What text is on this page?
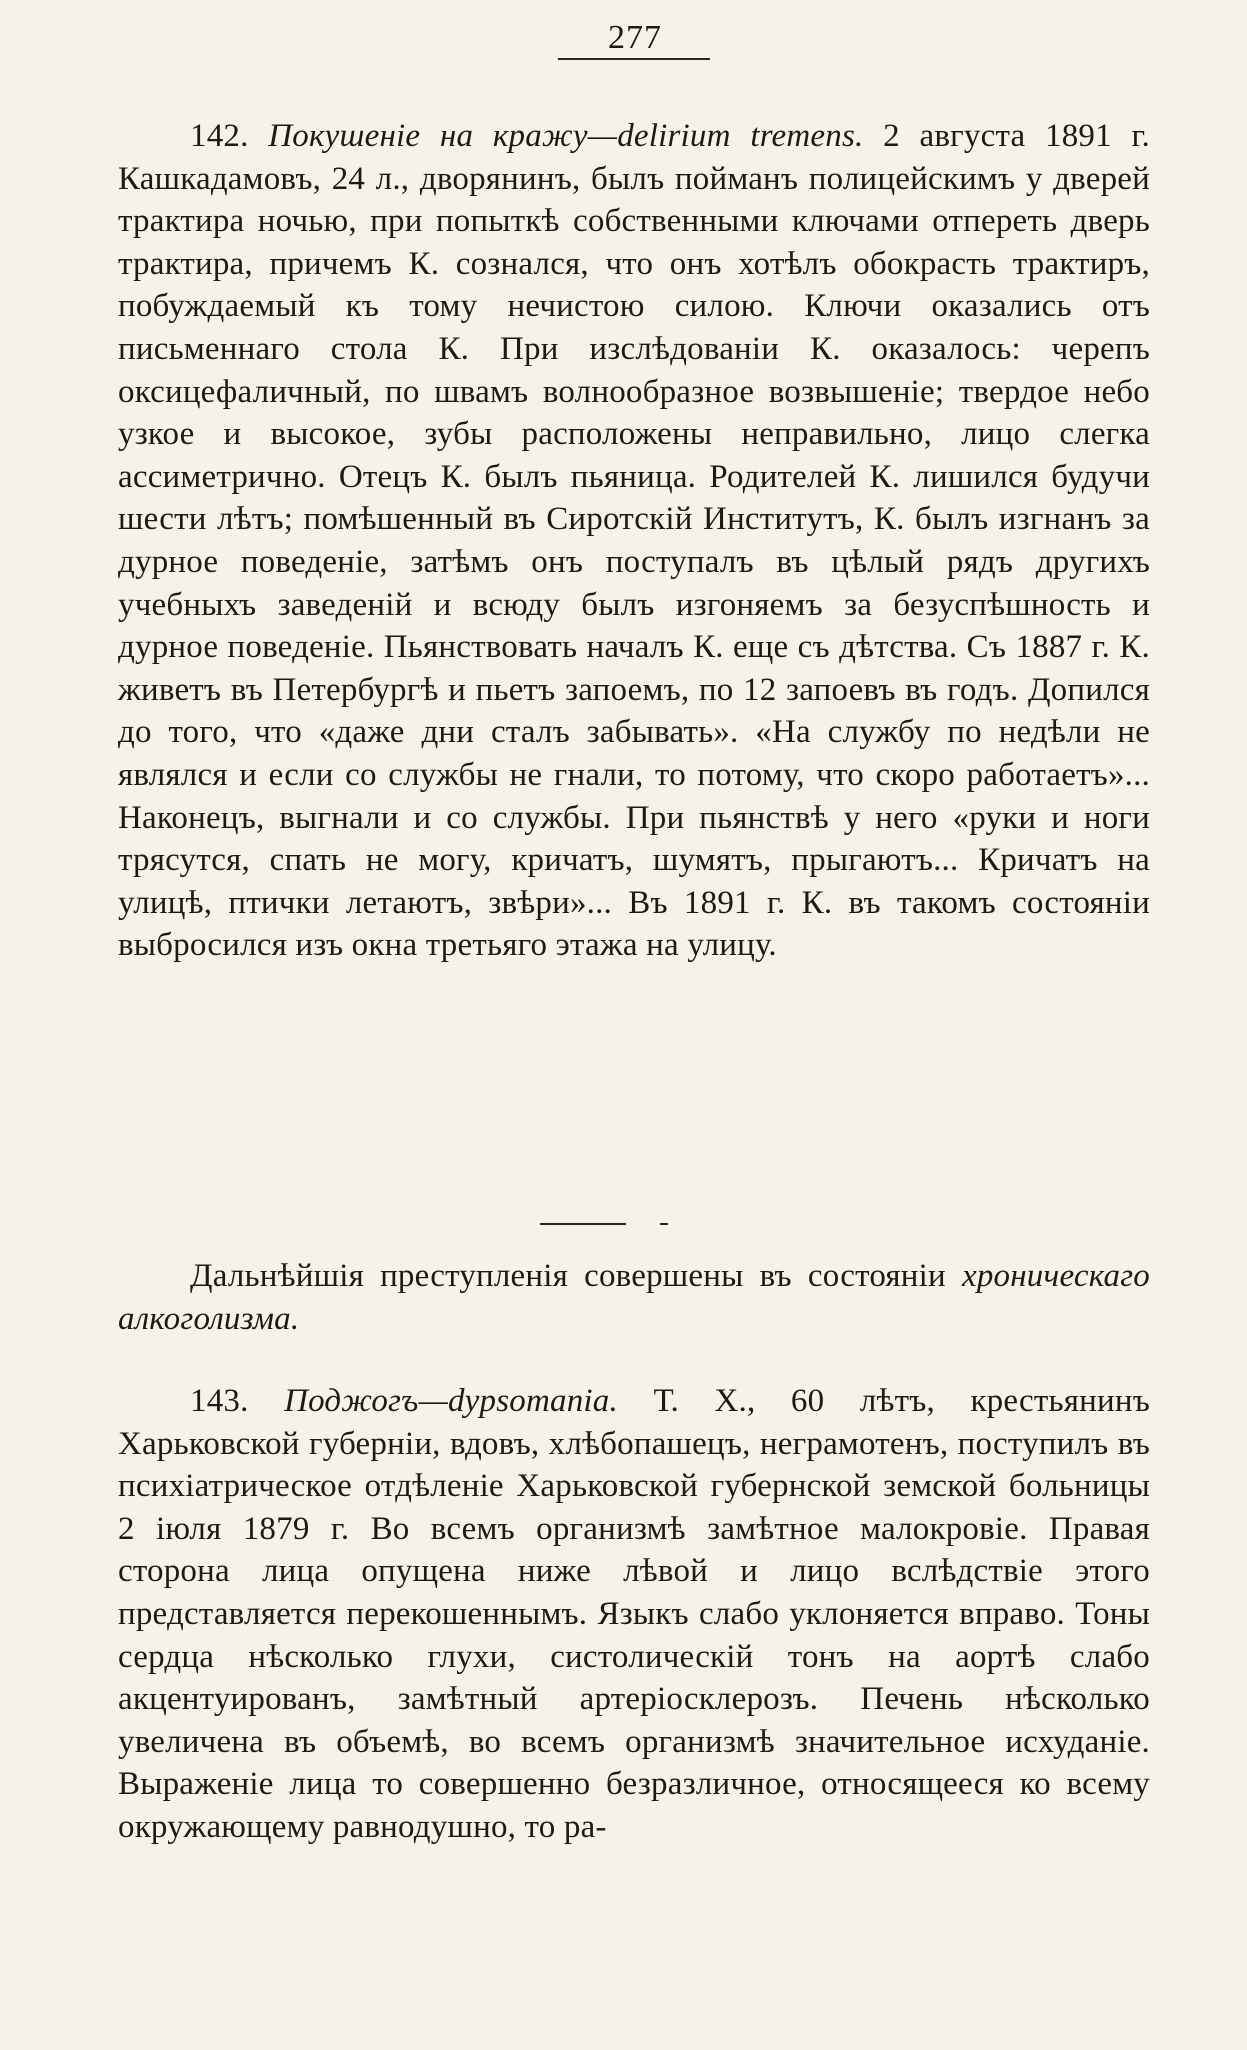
277

142. Покушеніе на кражу—delirium tremens. 2 августа 1891 г. Кашкадамовъ, 24 л., дворянинъ, былъ пойманъ полицейскимъ у дверей трактира ночью, при попыткѣ собственными ключами отпереть дверь трактира, причемъ К. сознался, что онъ хотѣлъ обокрасть трактиръ, побуждаемый къ тому нечистою силою. Ключи оказались отъ письменнаго стола К. При изслѣдованіи К. оказалось: черепъ оксицефаличный, по швамъ волнообразное возвышеніе; твердое небо узкое и высокое, зубы расположены неправильно, лицо слегка ассиметрично. Отецъ К. былъ пьяница. Родителей К. лишился будучи шести лѣтъ; помѣшенный въ Сиротскій Институтъ, К. былъ изгнанъ за дурное поведеніе, затѣмъ онъ поступалъ въ цѣлый рядъ другихъ учебныхъ заведеній и всюду былъ изгоняемъ за безуспѣшность и дурное поведеніе. Пьянствовать началъ К. еще съ дѣтства. Съ 1887 г. К. живетъ въ Петербургѣ и пьетъ запоемъ, по 12 запоевъ въ годъ. Допился до того, что «даже дни сталъ забывать». «На службу по недѣли не являлся и если со службы не гнали, то потому, что скоро работаетъ»... Наконецъ, выгнали и со службы. При пьянствѣ у него «руки и ноги трясутся, спать не могу, кричатъ, шумятъ, прыгаютъ... Кричатъ на улицѣ, птички летаютъ, звѣри»... Въ 1891 г. К. въ такомъ состояніи выбросился изъ окна третьяго этажа на улицу.

Дальнѣйшія преступленія совершены въ состояніи хроническаго алкоголизма.

143. Поджогъ—dypsomania. Т. Х., 60 лѣтъ, крестьянинъ Харьковской губерніи, вдовъ, хлѣбопашецъ, неграмотенъ, поступилъ въ психіатрическое отдѣленіе Харьковской губернской земской больницы 2 іюля 1879 г. Во всемъ организмѣ замѣтное малокровіе. Правая сторона лица опущена ниже лѣвой и лицо вслѣдствіе этого представляется перекошеннымъ. Языкъ слабо уклоняется вправо. Тоны сердца нѣсколько глухи, систолическій тонъ на аортѣ слабо акцентуированъ, замѣтный артеріосклерозъ. Печень нѣсколько увеличена въ объемѣ, во всемъ организмѣ значительное исхуданіе. Выраженіе лица то совершенно безразличное, относящееся ко всему окружающему равнодушно, то ра-
